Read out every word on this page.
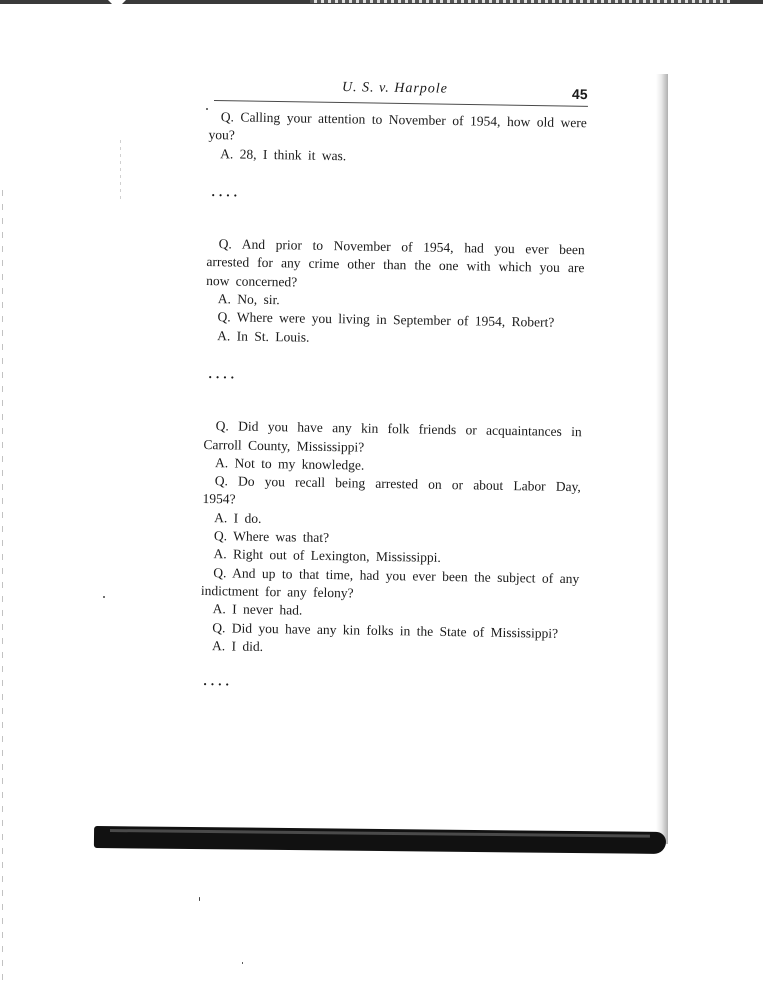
U. S. v. Harpole	45

Q. Calling your attention to November of 1954, how old were you?

A. 28, I think it was.

....

Q. And prior to November of 1954, had you ever been arrested for any crime other than the one with which you are now concerned?

A. No, sir.

Q. Where were you living in September of 1954, Robert?

A. In St. Louis.

....

Q. Did you have any kin folk friends or acquaintances in Carroll County, Mississippi?

A. Not to my knowledge.

Q. Do you recall being arrested on or about Labor Day, 1954?

A. I do.

Q. Where was that?

A. Right out of Lexington, Mississippi.

Q. And up to that time, had you ever been the subject of any indictment for any felony?

A. I never had.

Q. Did you have any kin folks in the State of Mississippi?

A. I did.

....
